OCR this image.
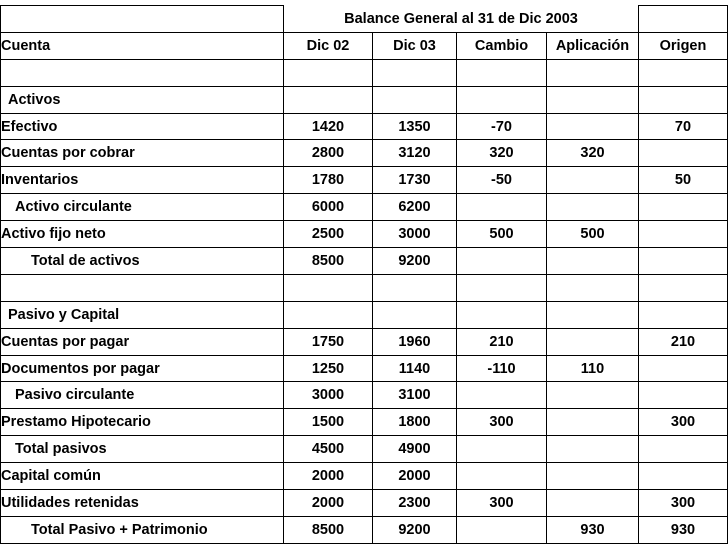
	Balance General al 31 de Dic 2003				
Cuenta	Dic 02	Dic 03	Cambio	Aplicación	Origen

Activos					
Efectivo	1420	1350	-70		70
Cuentas por cobrar	2800	3120	320	320	
Inventarios	1780	1730	-50		50
Activo circulante	6000	6200			
Activo fijo neto	2500	3000	500	500	
Total de activos	8500	9200			

Pasivo y Capital					
Cuentas por pagar	1750	1960	210		210
Documentos por pagar	1250	1140	-110	110	
Pasivo circulante	3000	3100			
Prestamo Hipotecario	1500	1800	300		300
Total pasivos	4500	4900			
Capital común	2000	2000			
Utilidades retenidas	2000	2300	300		300
Total Pasivo + Patrimonio	8500	9200		930	930
